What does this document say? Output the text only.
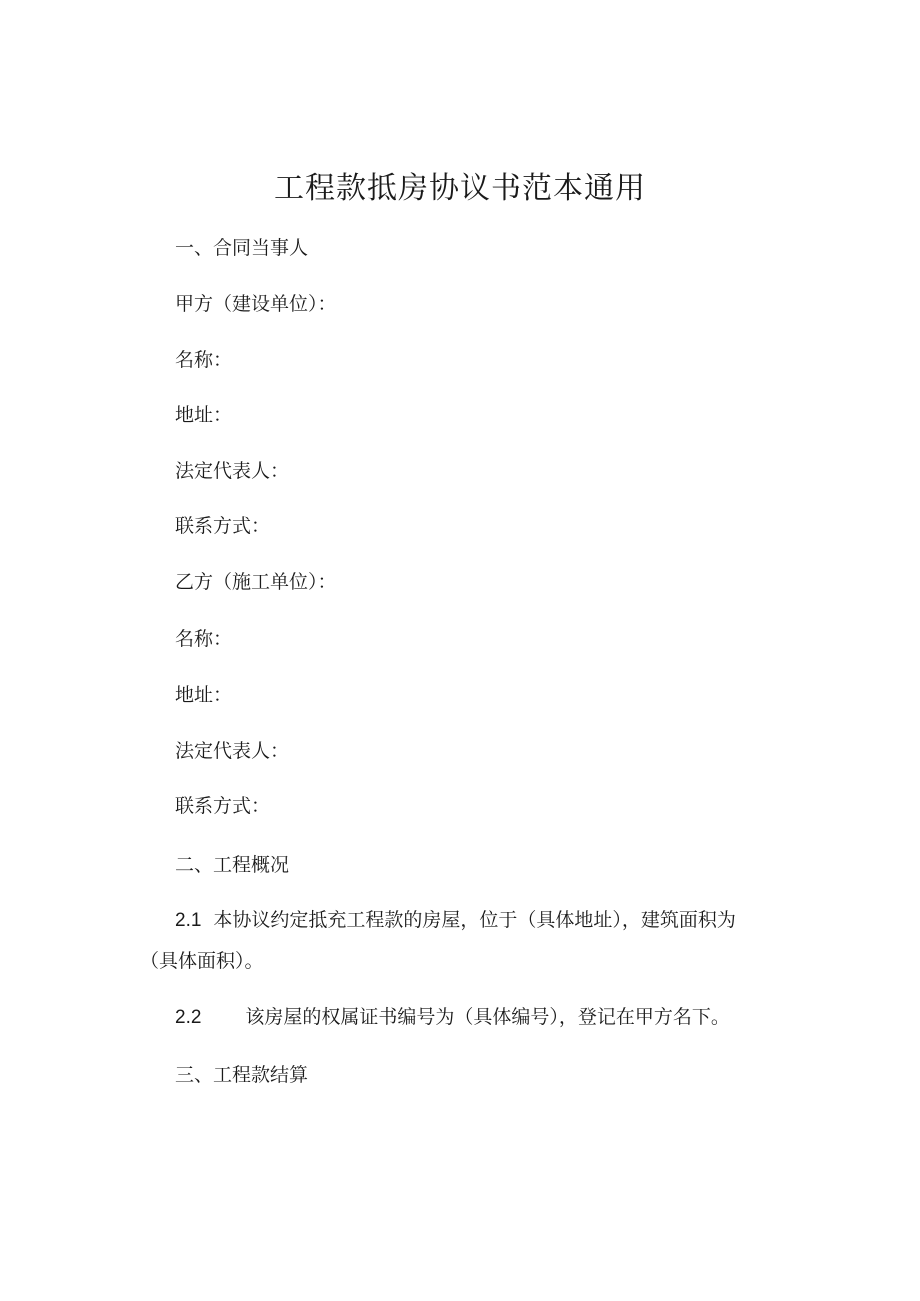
工程款抵房协议书范本通用

一、合同当事人

甲方（建设单位）：

名称：

地址：

法定代表人：

联系方式：

乙方（施工单位）：

名称：

地址：

法定代表人：

联系方式：

二、工程概况

2.1 本协议约定抵充工程款的房屋，位于（具体地址），建筑面积为

（具体面积）。

2.2 该房屋的权属证书编号为（具体编号），登记在甲方名下。

三、工程款结算
